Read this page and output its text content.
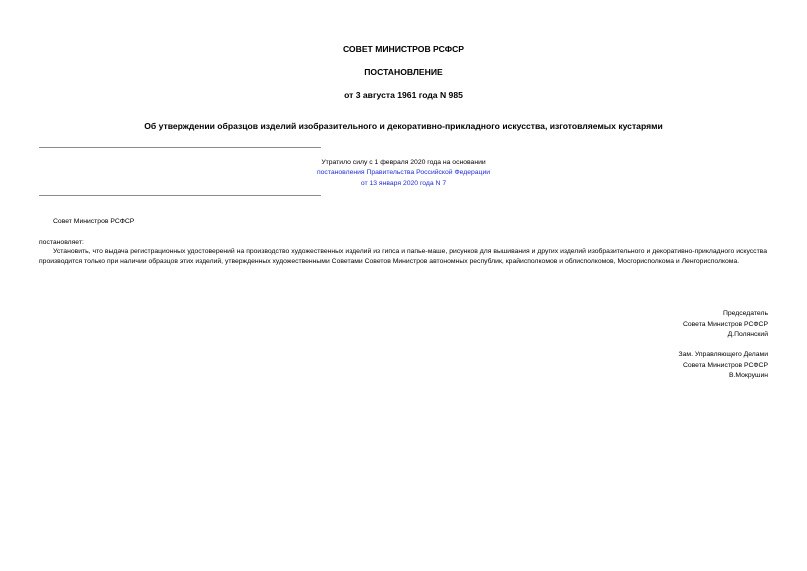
СОВЕТ МИНИСТРОВ РСФСР
ПОСТАНОВЛЕНИЕ
от 3 августа 1961 года N 985
Об утверждении образцов изделий изобразительного и декоративно-прикладного искусства, изготовляемых кустарями
Утратило силу с 1 февраля 2020 года на основании
постановления Правительства Российской Федерации
от 13 января 2020 года N 7
Совет Министров РСФСР
постановляет:
Установить, что выдача регистрационных удостоверений на производство художественных изделий из гипса и папье-маше, рисунков для вышивания и других изделий изобразительного и декоративно-прикладного искусства производится только при наличии образцов этих изделий, утвержденных художественными Советами Советов Министров автономных республик, крайисполкомов и облисполкомов, Мосгорисполкома и Ленгорисполкома.
Председатель
Совета Министров РСФСР
Д.Полянский
Зам. Управляющего Делами
Совета Министров РСФСР
В.Мокрушин
